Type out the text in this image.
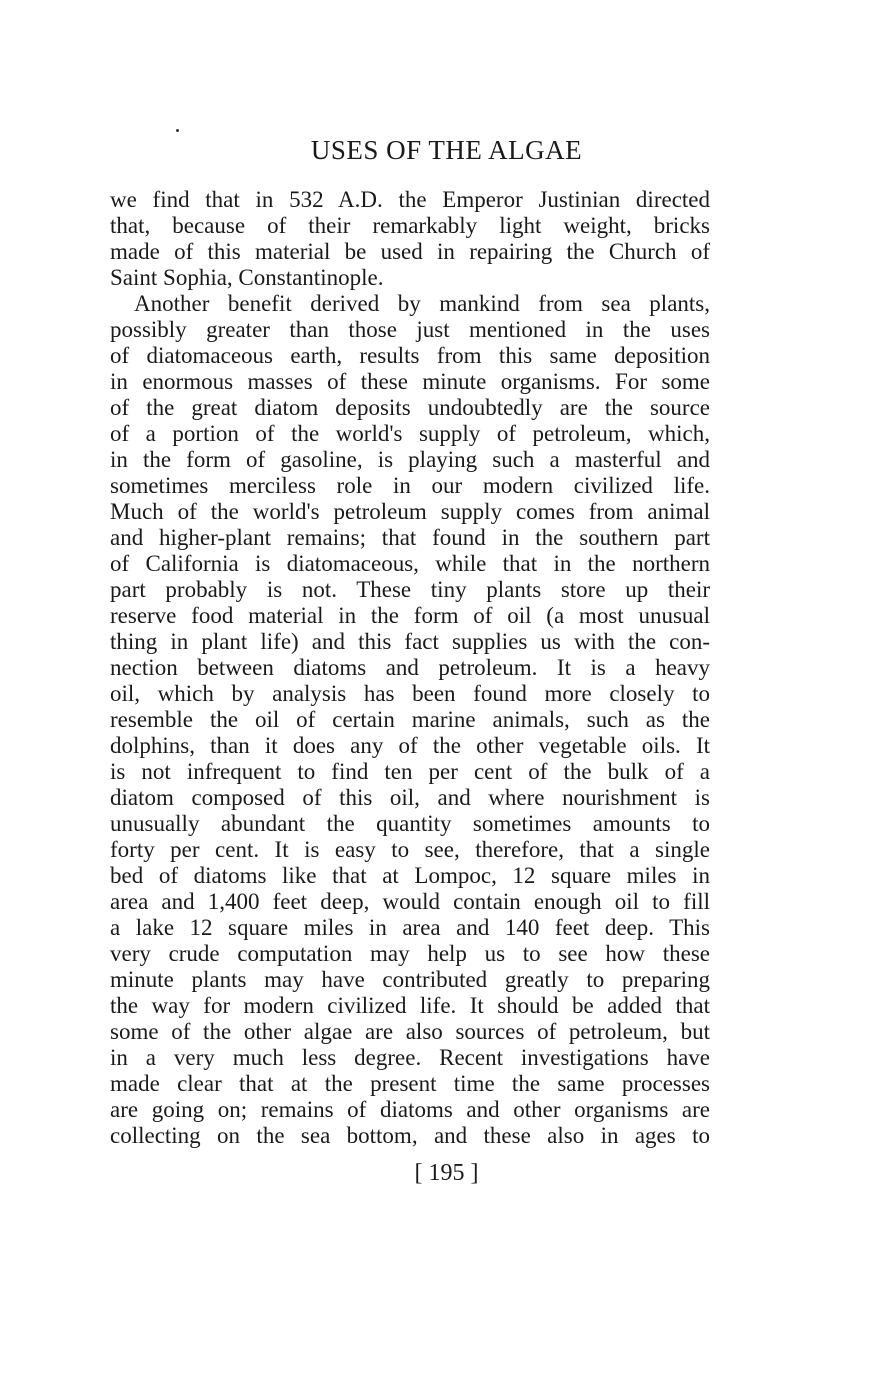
USES OF THE ALGAE
we find that in 532 A.D. the Emperor Justinian directed
that, because of their remarkably light weight, bricks
made of this material be used in repairing the Church of
Saint Sophia, Constantinople.
Another benefit derived by mankind from sea plants,
possibly greater than those just mentioned in the uses
of diatomaceous earth, results from this same deposition
in enormous masses of these minute organisms. For some
of the great diatom deposits undoubtedly are the source
of a portion of the world's supply of petroleum, which,
in the form of gasoline, is playing such a masterful and
sometimes merciless role in our modern civilized life.
Much of the world's petroleum supply comes from animal
and higher-plant remains; that found in the southern part
of California is diatomaceous, while that in the northern
part probably is not. These tiny plants store up their
reserve food material in the form of oil (a most unusual
thing in plant life) and this fact supplies us with the con-
nection between diatoms and petroleum. It is a heavy
oil, which by analysis has been found more closely to
resemble the oil of certain marine animals, such as the
dolphins, than it does any of the other vegetable oils. It
is not infrequent to find ten per cent of the bulk of a
diatom composed of this oil, and where nourishment is
unusually abundant the quantity sometimes amounts to
forty per cent. It is easy to see, therefore, that a single
bed of diatoms like that at Lompoc, 12 square miles in
area and 1,400 feet deep, would contain enough oil to fill
a lake 12 square miles in area and 140 feet deep. This
very crude computation may help us to see how these
minute plants may have contributed greatly to preparing
the way for modern civilized life. It should be added that
some of the other algae are also sources of petroleum, but
in a very much less degree. Recent investigations have
made clear that at the present time the same processes
are going on; remains of diatoms and other organisms are
collecting on the sea bottom, and these also in ages to
[ 195 ]
